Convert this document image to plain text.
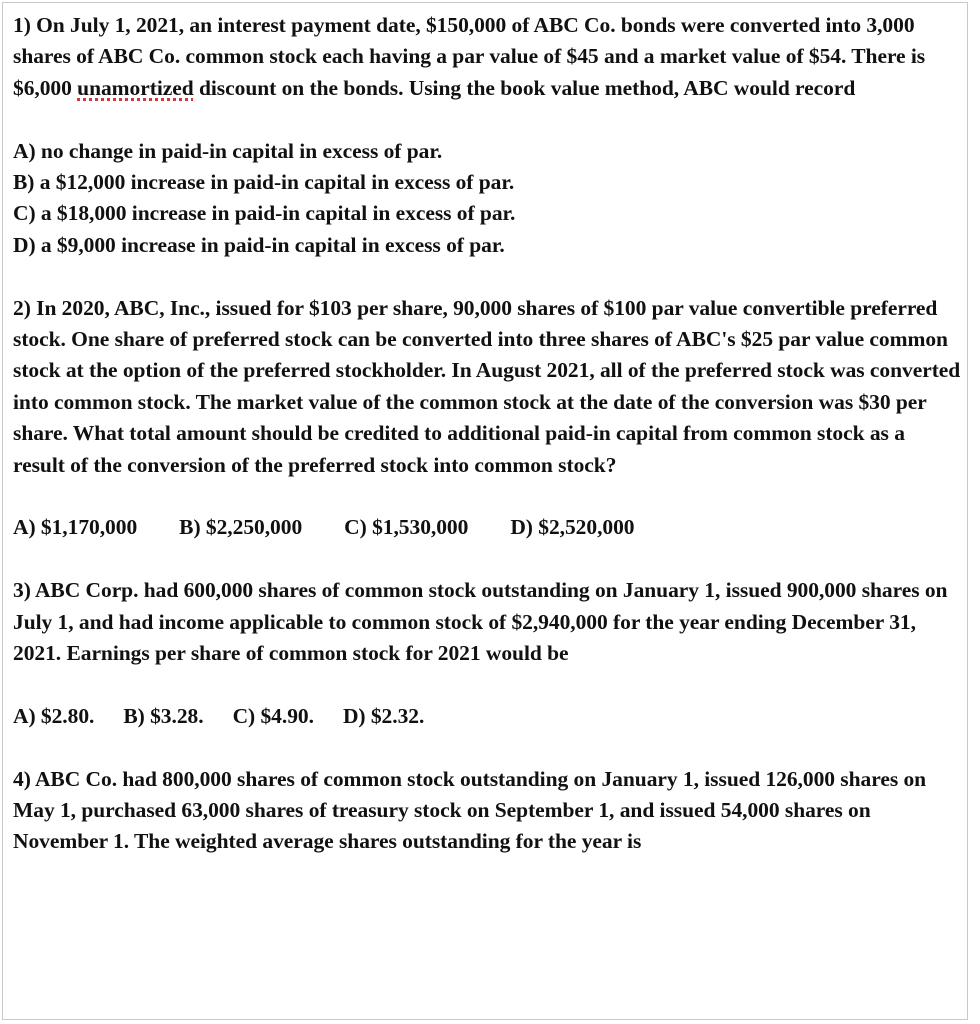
1) On July 1, 2021, an interest payment date, $150,000 of ABC Co. bonds were converted into 3,000 shares of ABC Co. common stock each having a par value of $45 and a market value of $54. There is $6,000 unamortized discount on the bonds. Using the book value method, ABC would record

A) no change in paid-in capital in excess of par.

B) a $12,000 increase in paid-in capital in excess of par.

C) a $18,000 increase in paid-in capital in excess of par.

D) a $9,000 increase in paid-in capital in excess of par.

2) In 2020, ABC, Inc., issued for $103 per share, 90,000 shares of $100 par value convertible preferred stock. One share of preferred stock can be converted into three shares of ABC's $25 par value common stock at the option of the preferred stockholder. In August 2021, all of the preferred stock was converted into common stock. The market value of the common stock at the date of the conversion was $30 per share. What total amount should be credited to additional paid-in capital from common stock as a result of the conversion of the preferred stock into common stock?

A) $1,170,000 B) $2,250,000 C) $1,530,000 D) $2,520,000

3) ABC Corp. had 600,000 shares of common stock outstanding on January 1, issued 900,000 shares on July 1, and had income applicable to common stock of $2,940,000 for the year ending December 31, 2021. Earnings per share of common stock for 2021 would be

A) $2.80. B) $3.28. C) $4.90. D) $2.32.

4) ABC Co. had 800,000 shares of common stock outstanding on January 1, issued 126,000 shares on May 1, purchased 63,000 shares of treasury stock on September 1, and issued 54,000 shares on November 1. The weighted average shares outstanding for the year is
